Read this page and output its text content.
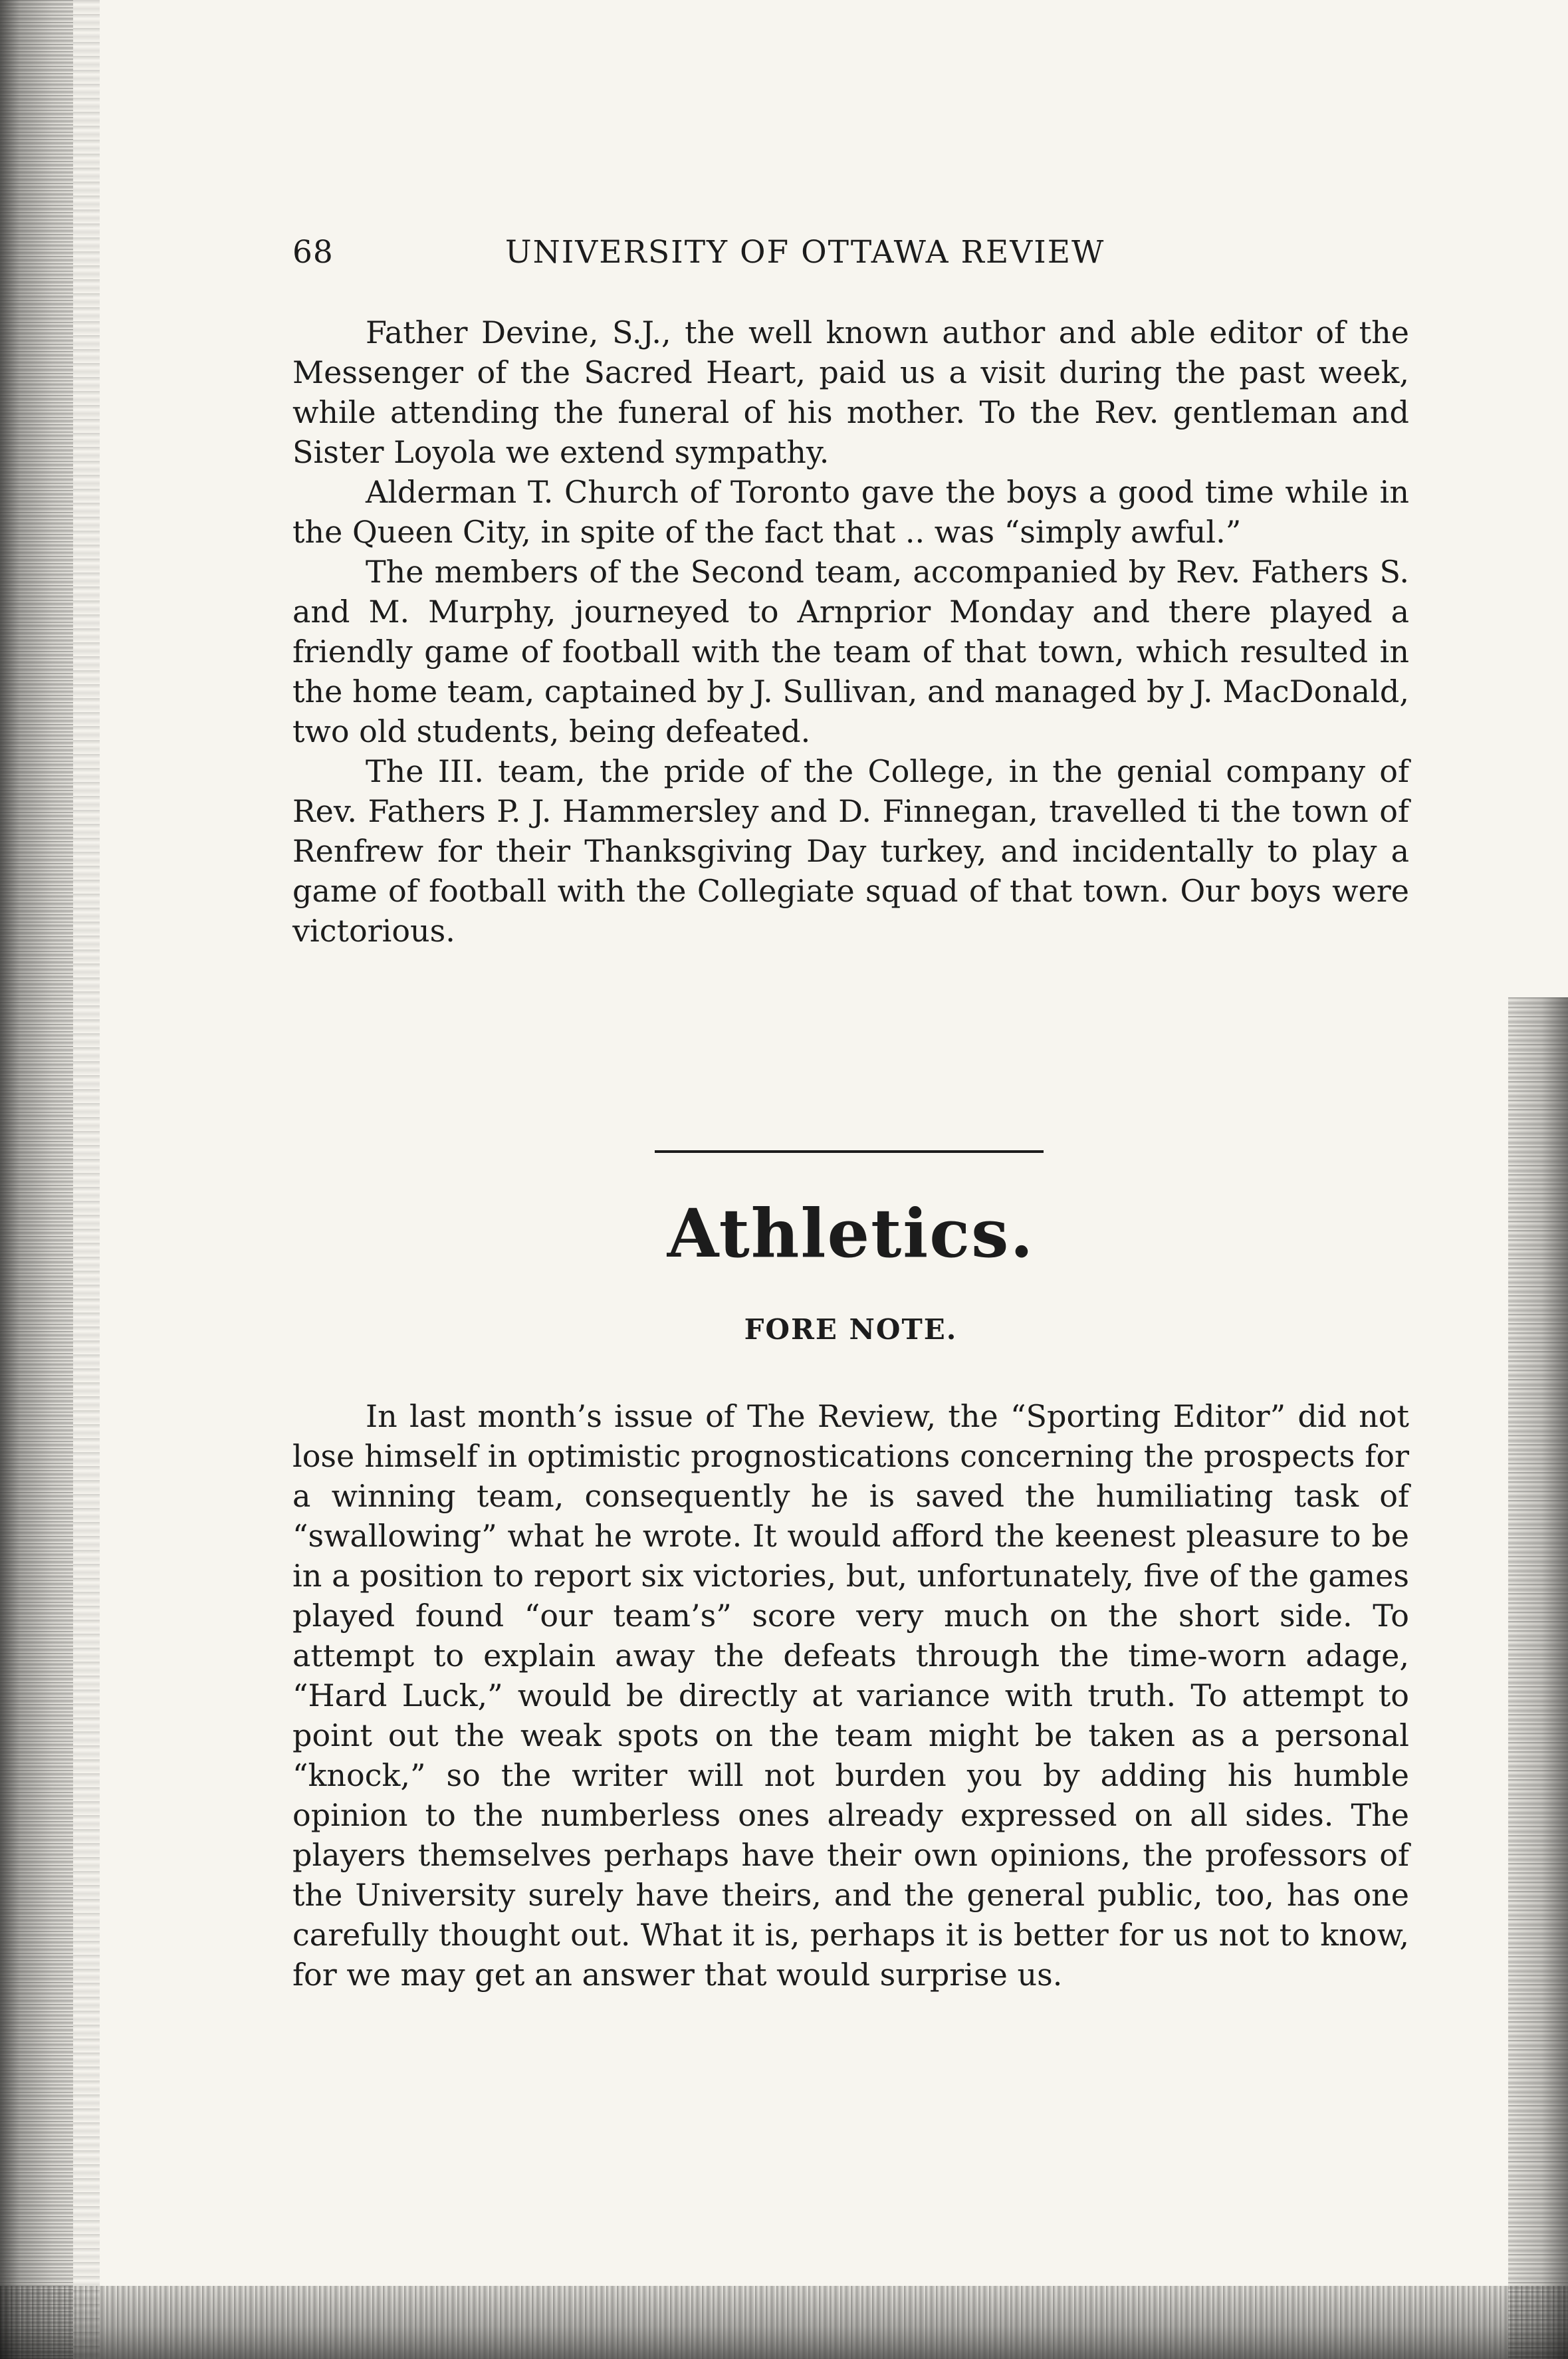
68	UNIVERSITY OF OTTAWA REVIEW

Father Devine, S.J., the well known author and able editor of the Messenger of the Sacred Heart, paid us a visit during the past week, while attending the funeral of his mother. To the Rev. gentleman and Sister Loyola we extend sympathy.

Alderman T. Church of Toronto gave the boys a good time while in the Queen City, in spite of the fact that .. was “simply awful.”

The members of the Second team, accompanied by Rev. Fathers S. and M. Murphy, journeyed to Arnprior Monday and there played a friendly game of football with the team of that town, which resulted in the home team, captained by J. Sullivan, and managed by J. MacDonald, two old students, being defeated.

The III. team, the pride of the College, in the genial company of Rev. Fathers P. J. Hammersley and D. Finnegan, travelled ti the town of Renfrew for their Thanksgiving Day turkey, and incidentally to play a game of football with the Collegiate squad of that town. Our boys were victorious.

Athletics.
FORE NOTE.

In last month’s issue of The Review, the “Sporting Editor” did not lose himself in optimistic prognostications concerning the prospects for a winning team, consequently he is saved the humiliating task of “swallowing” what he wrote. It would afford the keenest pleasure to be in a position to report six victories, but, unfortunately, five of the games played found “our team’s” score very much on the short side. To attempt to explain away the defeats through the time-worn adage, “Hard Luck,” would be directly at variance with truth. To attempt to point out the weak spots on the team might be taken as a personal “knock,” so the writer will not burden you by adding his humble opinion to the numberless ones already expressed on all sides. The players themselves perhaps have their own opinions, the professors of the University surely have theirs, and the general public, too, has one carefully thought out. What it is, perhaps it is better for us not to know, for we may get an answer that would surprise us.
